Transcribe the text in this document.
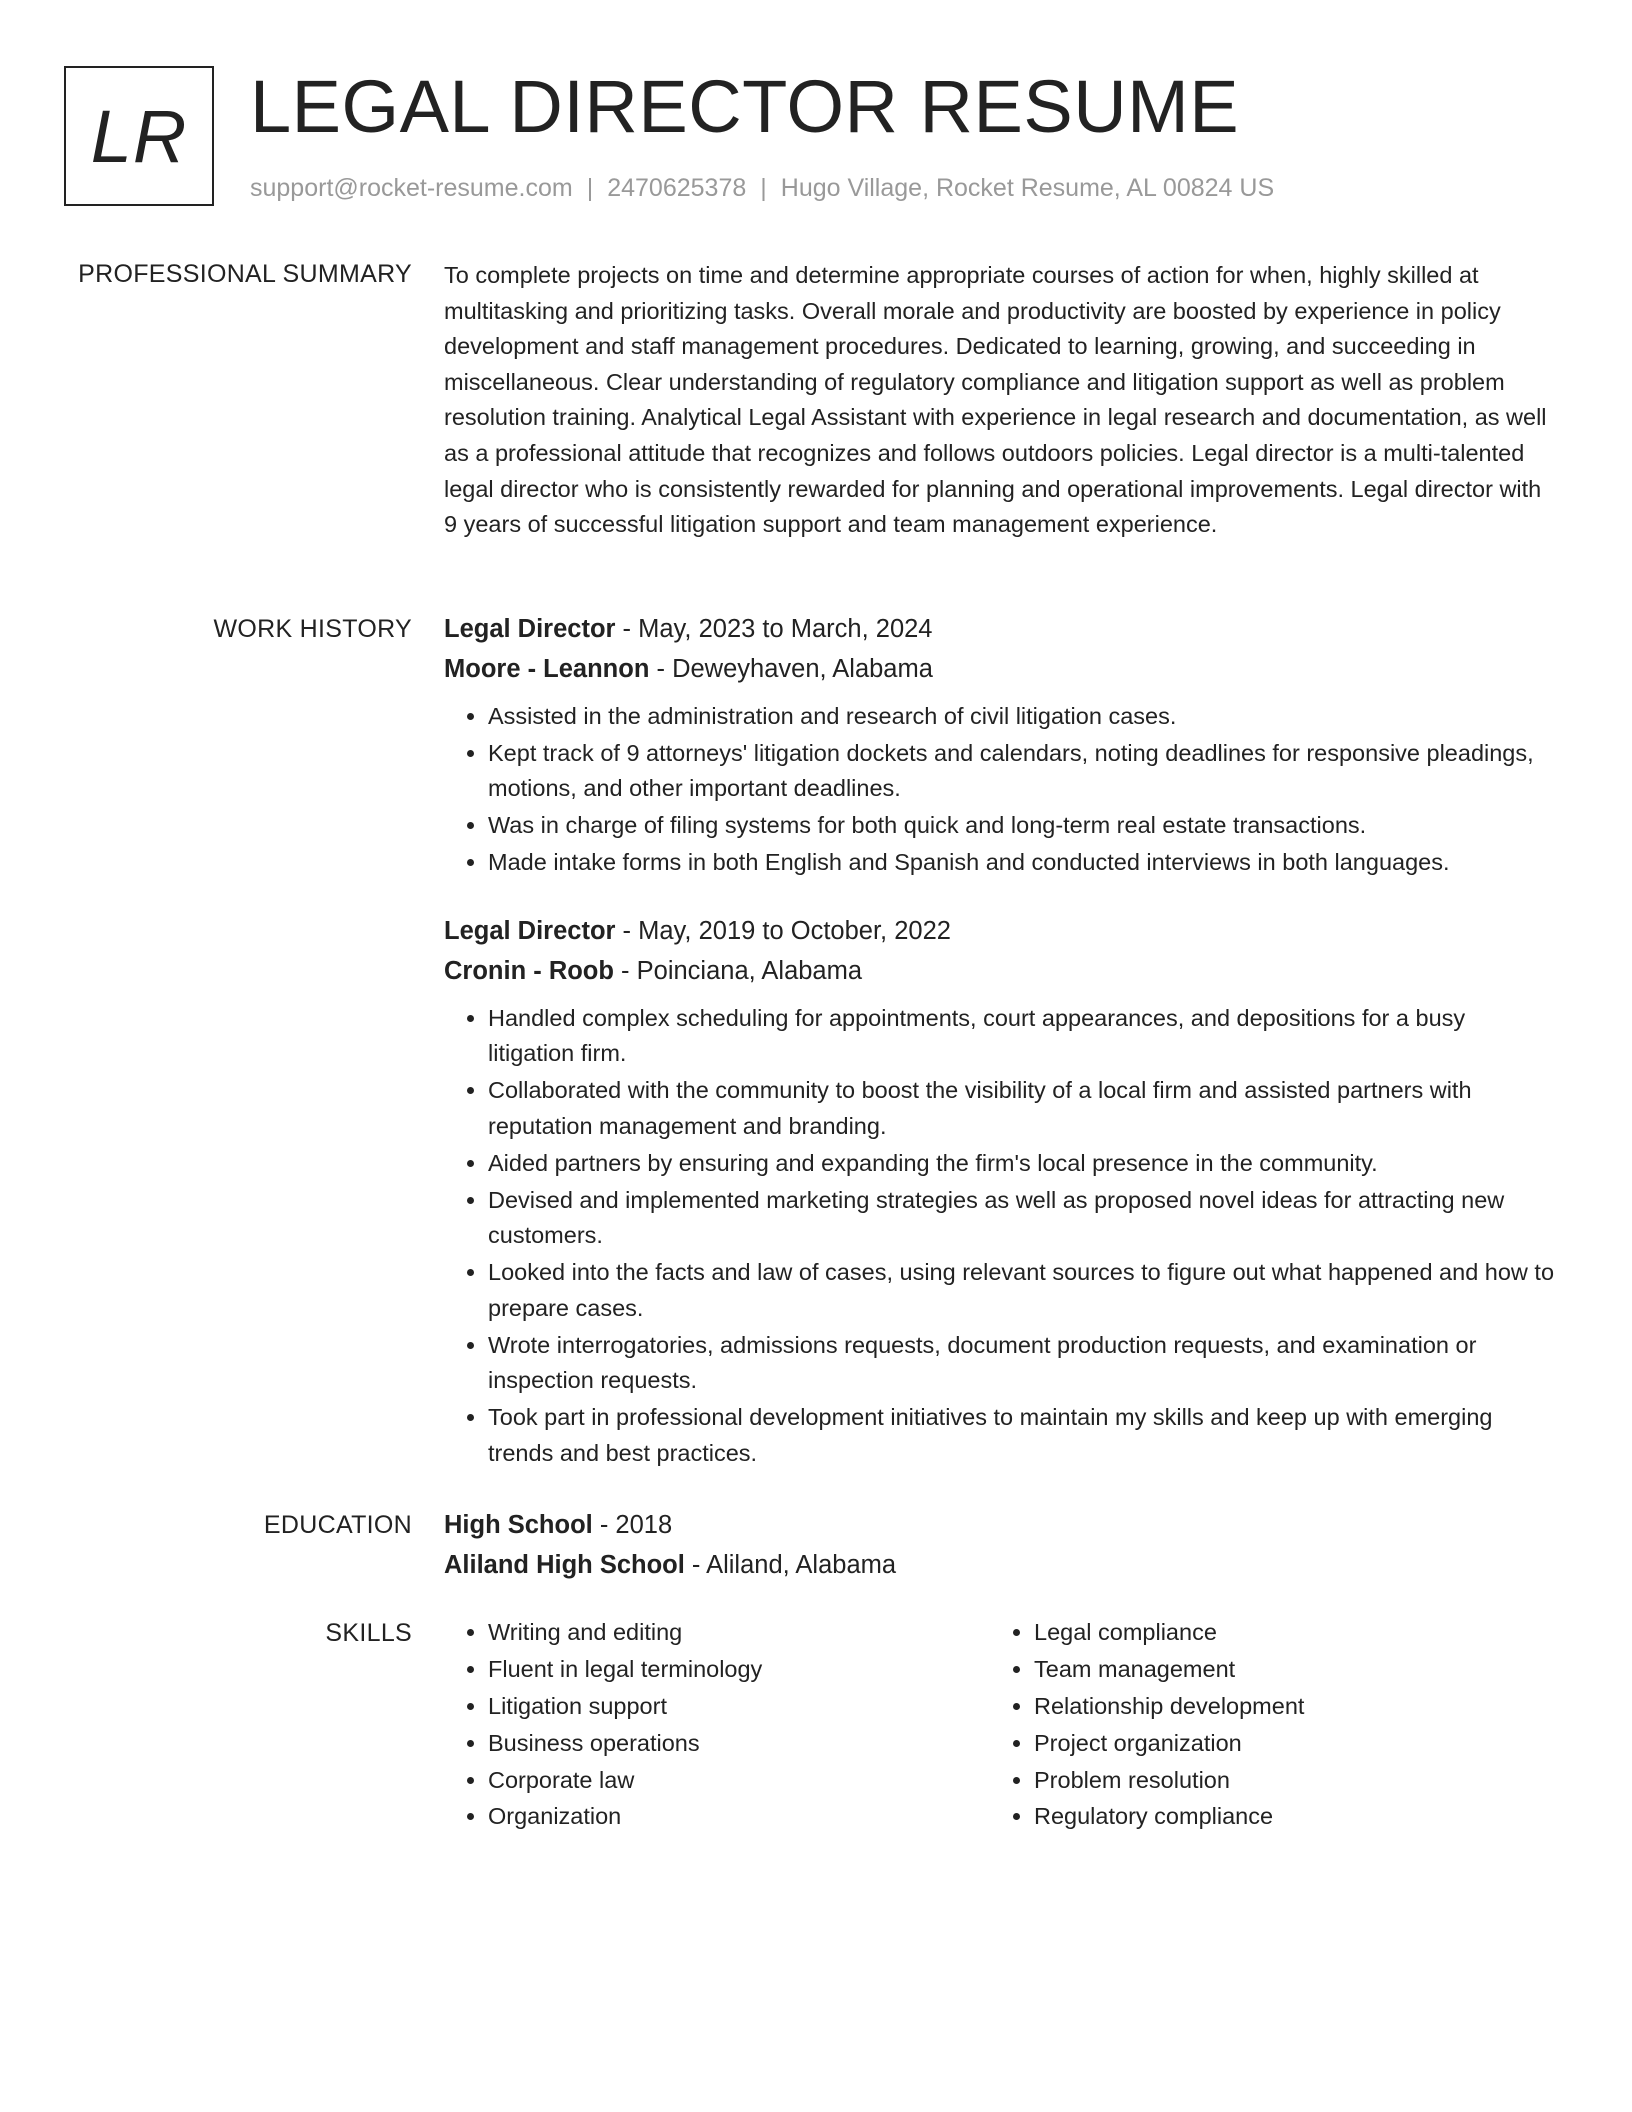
LR LEGAL DIRECTOR RESUME
support@rocket-resume.com | 2470625378 | Hugo Village, Rocket Resume, AL 00824 US
PROFESSIONAL SUMMARY To complete projects on time and determine appropriate courses of action for when, highly skilled at multitasking and prioritizing tasks. Overall morale and productivity are boosted by experience in policy development and staff management procedures. Dedicated to learning, growing, and succeeding in miscellaneous. Clear understanding of regulatory compliance and litigation support as well as problem resolution training. Analytical Legal Assistant with experience in legal research and documentation, as well as a professional attitude that recognizes and follows outdoors policies. Legal director is a multi-talented legal director who is consistently rewarded for planning and operational improvements. Legal director with 9 years of successful litigation support and team management experience.

WORK HISTORY Legal Director - May, 2023 to March, 2024
Moore - Leannon - Deweyhaven, Alabama
• Assisted in the administration and research of civil litigation cases.
• Kept track of 9 attorneys' litigation dockets and calendars, noting deadlines for responsive pleadings, motions, and other important deadlines.
• Was in charge of filing systems for both quick and long-term real estate transactions.
• Made intake forms in both English and Spanish and conducted interviews in both languages.
Legal Director - May, 2019 to October, 2022
Cronin - Roob - Poinciana, Alabama
• Handled complex scheduling for appointments, court appearances, and depositions for a busy litigation firm.
• Collaborated with the community to boost the visibility of a local firm and assisted partners with reputation management and branding.
• Aided partners by ensuring and expanding the firm's local presence in the community.
• Devised and implemented marketing strategies as well as proposed novel ideas for attracting new customers.
• Looked into the facts and law of cases, using relevant sources to figure out what happened and how to prepare cases.
• Wrote interrogatories, admissions requests, document production requests, and examination or inspection requests.
• Took part in professional development initiatives to maintain my skills and keep up with emerging trends and best practices.
EDUCATION High School - 2018
Aliland High School - Aliland, Alabama
SKILLS
•	Writing and editing
• Fluent in legal terminology
• Litigation support
• Business operations
• Corporate law
• Organization
• Legal compliance
• Team management
• Relationship development
• Project organization
• Problem resolution
• Regulatory compliance
